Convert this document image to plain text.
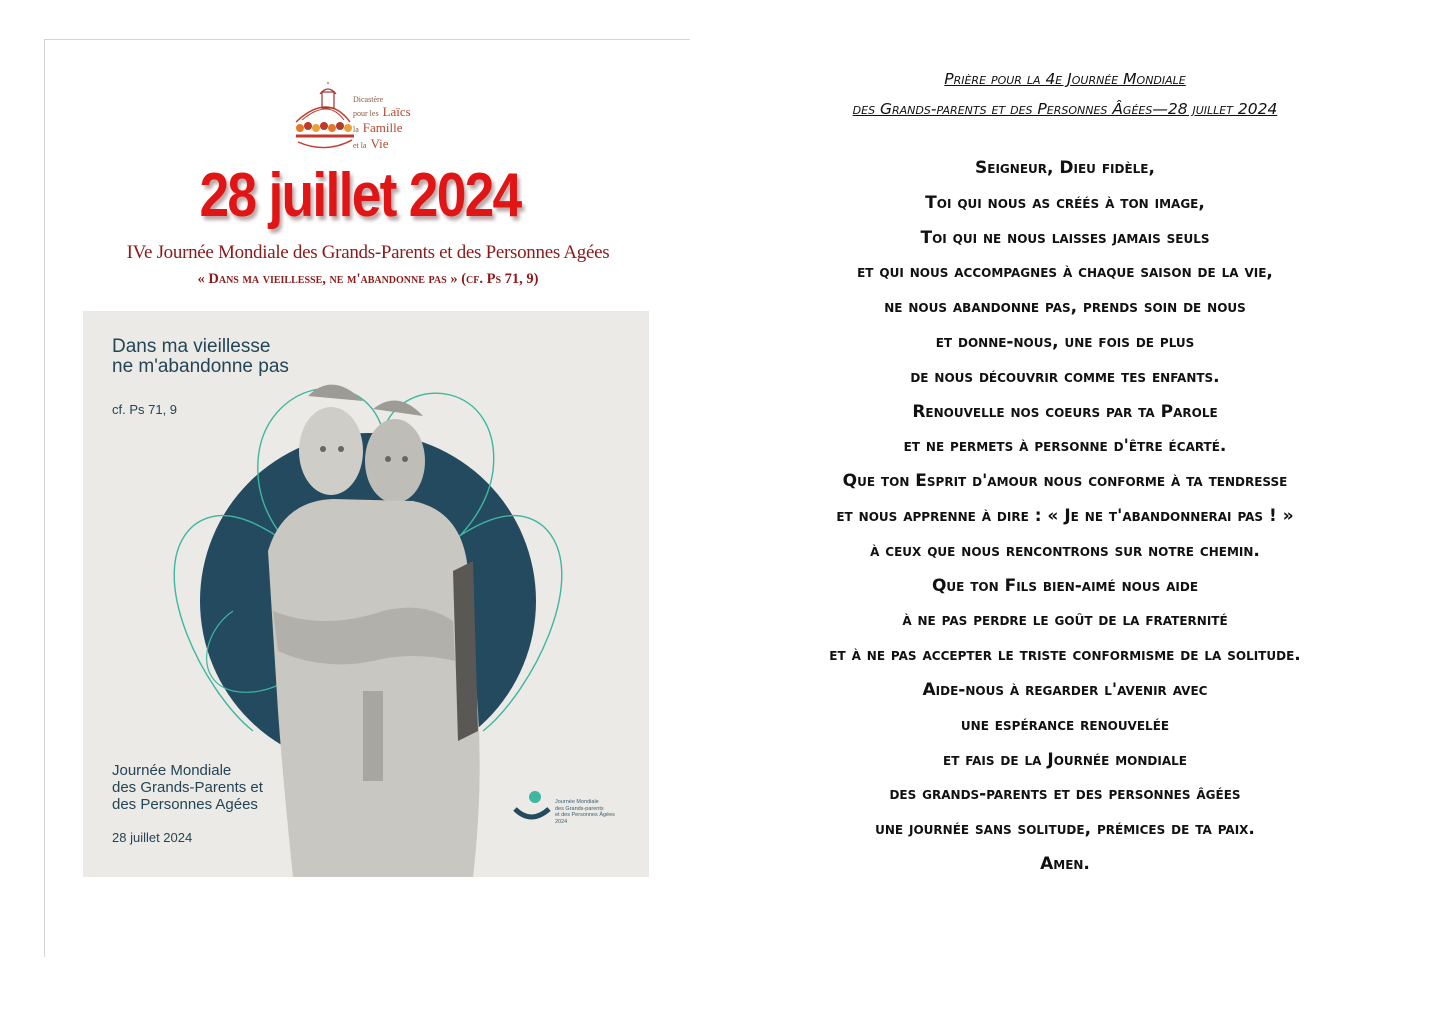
Dicastère
pour les Laïcs
la Famille
et la Vie
28 juillet 2024
IVe Journée Mondiale des Grands-Parents et des Personnes Agées
« Dans ma vieillesse, ne m'abandonne pas » (cf. Ps 71, 9)
Dans ma vieillesse
ne m'abandonne pas
cf. Ps 71, 9
Journée Mondiale
des Grands-Parents et
des Personnes Agées
28 juillet 2024
Journée Mondiale
des Grands-parents
et des Personnes Âgées
2024
Prière pour la 4e Journée Mondiale
des Grands-parents et des Personnes Âgées—28 juillet 2024
Seigneur, Dieu fidèle,
Toi qui nous as créés à ton image,
Toi qui ne nous laisses jamais seuls
et qui nous accompagnes à chaque saison de la vie,
ne nous abandonne pas, prends soin de nous
et donne-nous, une fois de plus
de nous découvrir comme tes enfants.
Renouvelle nos coeurs par ta Parole
et ne permets à personne d'être écarté.
Que ton Esprit d'amour nous conforme à ta tendresse
et nous apprenne à dire : « Je ne t'abandonnerai pas ! »
à ceux que nous rencontrons sur notre chemin.
Que ton Fils bien-aimé nous aide
à ne pas perdre le goût de la fraternité
et à ne pas accepter le triste conformisme de la solitude.
Aide-nous à regarder l'avenir avec
une espérance renouvelée
et fais de la Journée mondiale
des grands-parents et des personnes âgées
une journée sans solitude, prémices de ta paix.
Amen.
